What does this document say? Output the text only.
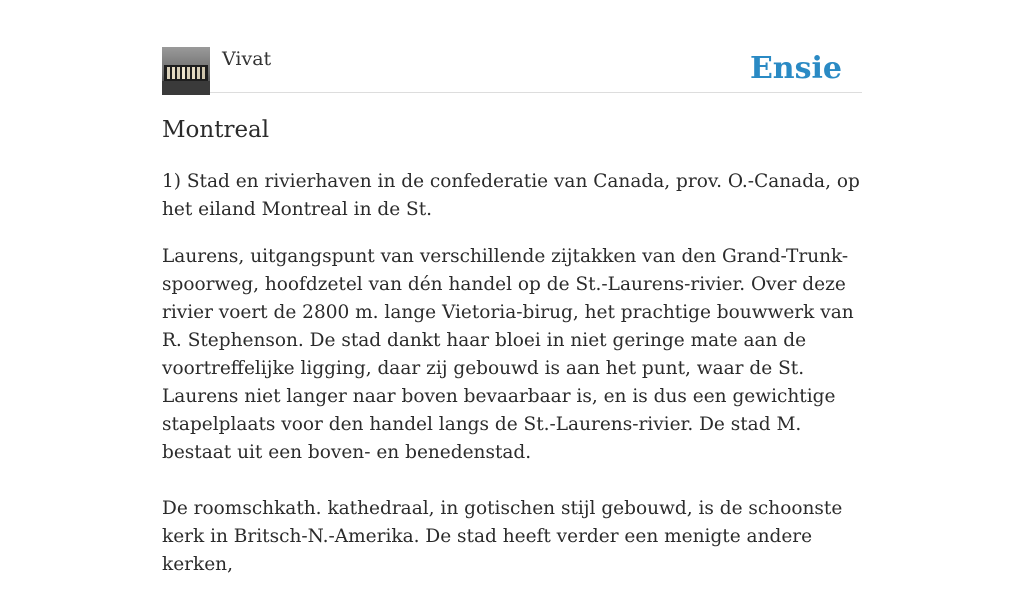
Vivat	Ensie
Montreal

1) Stad en rivierhaven in de confederatie van Canada, prov. O.-Canada, op het eiland Montreal in de St.

Laurens, uitgangspunt van verschillende zijtakken van den Grand-Trunk-spoorweg, hoofdzetel van dén handel op de St.-Laurens-rivier. Over deze rivier voert de 2800 m. lange Vietoria-birug, het prachtige bouwwerk van R. Stephenson. De stad dankt haar bloei in niet geringe mate aan de voortreffelijke ligging, daar zij gebouwd is aan het punt, waar de St. Laurens niet langer naar boven bevaarbaar is, en is dus een gewichtige stapelplaats voor den handel langs de St.-Laurens-rivier. De stad M. bestaat uit een boven- en benedenstad.

De roomschkath. kathedraal, in gotischen stijl gebouwd, is de schoonste kerk in Britsch-N.-Amerika. De stad heeft verder een menigte andere kerken,
